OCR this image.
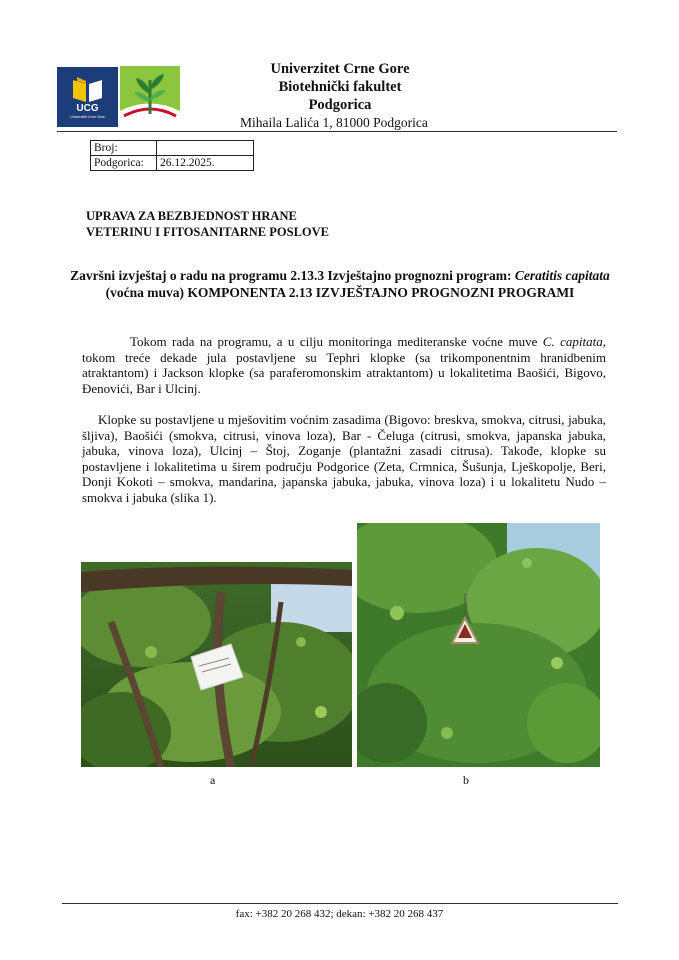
UCG
Univerzitet Crne Gore
Univerzitet Crne Gore
Biotehnički fakultet
Podgorica
Mihaila Lalića 1, 81000 Podgorica
Broj:	
Podgorica:	26.12.2025.
UPRAVA ZA BEZBJEDNOST HRANE
VETERINU I FITOSANITARNE POSLOVE
Završni izvještaj o radu na programu 2.13.3 Izvještajno prognozni program: Ceratitis capitata (voćna muva) KOMPONENTA 2.13 IZVJEŠTAJNO PROGNOZNI PROGRAMI
Tokom rada na programu, a u cilju monitoringa mediteranske voćne muve C. capitata, tokom treće dekade jula postavljene su Tephri klopke (sa trikomponentnim hranidbenim atraktantom) i Jackson klopke (sa paraferomonskim atraktantom) u lokalitetima Baošići, Bigovo, Đenovići, Bar i Ulcinj.
Klopke su postavljene u mješovitim voćnim zasadima (Bigovo: breskva, smokva, citrusi, jabuka, šljiva), Baošići (smokva, citrusi, vinova loza), Bar - Čeluga (citrusi, smokva, japanska jabuka, jabuka, vinova loza), Ulcinj – Štoj, Zoganje (plantažni zasadi citrusa). Takođe, klopke su postavljene i lokalitetima u širem području Podgorice (Zeta, Crmnica, Šušunja, Lješkopolje, Beri, Donji Kokoti – smokva, mandarina, japanska jabuka, jabuka, vinova loza) i u lokalitetu Nudo – smokva i jabuka (slika 1).
a	b
fax: +382 20 268 432; dekan: +382 20 268 437
